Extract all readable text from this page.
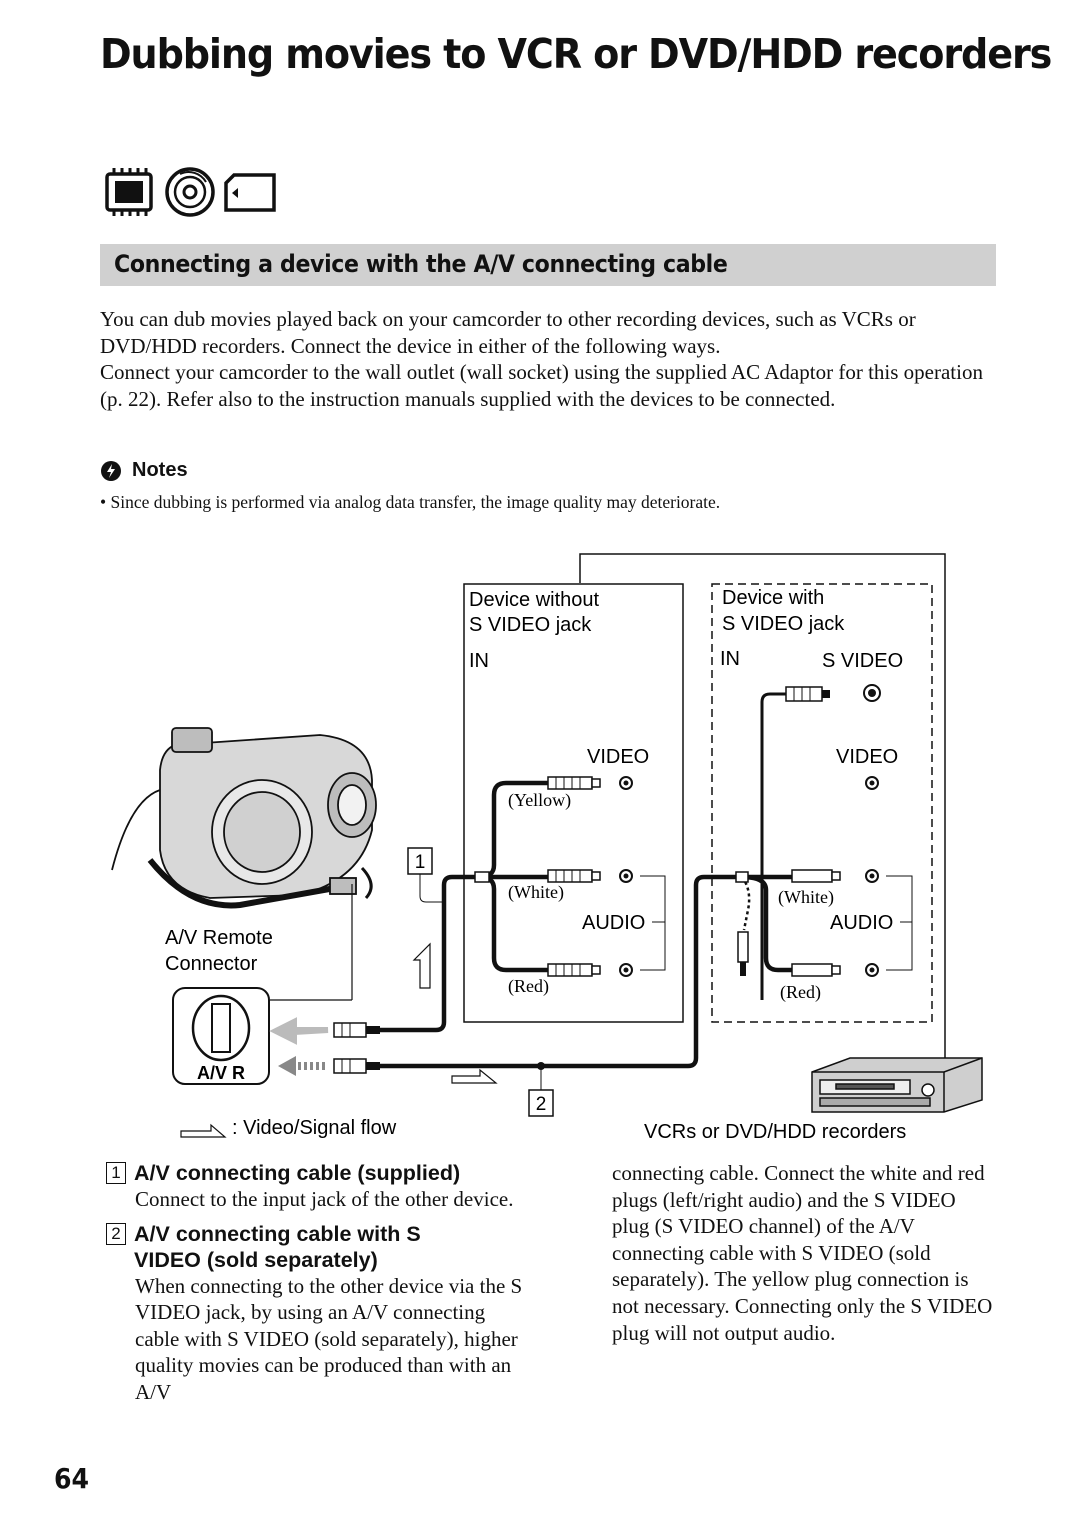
Dubbing movies to VCR or DVD/HDD recorders
Connecting a device with the A/V connecting cable

You can dub movies played back on your camcorder to other recording devices, such as VCRs or DVD/HDD recorders. Connect the device in either of the following ways.

Connect your camcorder to the wall outlet (wall socket) using the supplied AC Adaptor for this operation (p. 22). Refer also to the instruction manuals supplied with the devices to be connected.

Notes
• Since dubbing is performed via analog data transfer, the image quality may deteriorate.
Device without
S VIDEO jack
IN
VIDEO
(Yellow)
AUDIO
(White)
(Red)
1
Device with
S VIDEO jack
IN	S VIDEO
VIDEO
AUDIO
(White)
(Red)
2
A/V Remote
Connector
A/V R
: Video/Signal flow	VCRs or DVD/HDD recorders
1 A/V connecting cable (supplied)
Connect to the input jack of the other device.
2 A/V connecting cable with S
VIDEO (sold separately)
When connecting to the other device via the S VIDEO jack, by using an A/V connecting cable with S VIDEO (sold separately), higher quality movies can be produced than with an A/V
connecting cable. Connect the white and red plugs (left/right audio) and the S VIDEO plug (S VIDEO channel) of the A/V connecting cable with S VIDEO (sold separately). The yellow plug connection is not necessary. Connecting only the S VIDEO plug will not output audio.
64
